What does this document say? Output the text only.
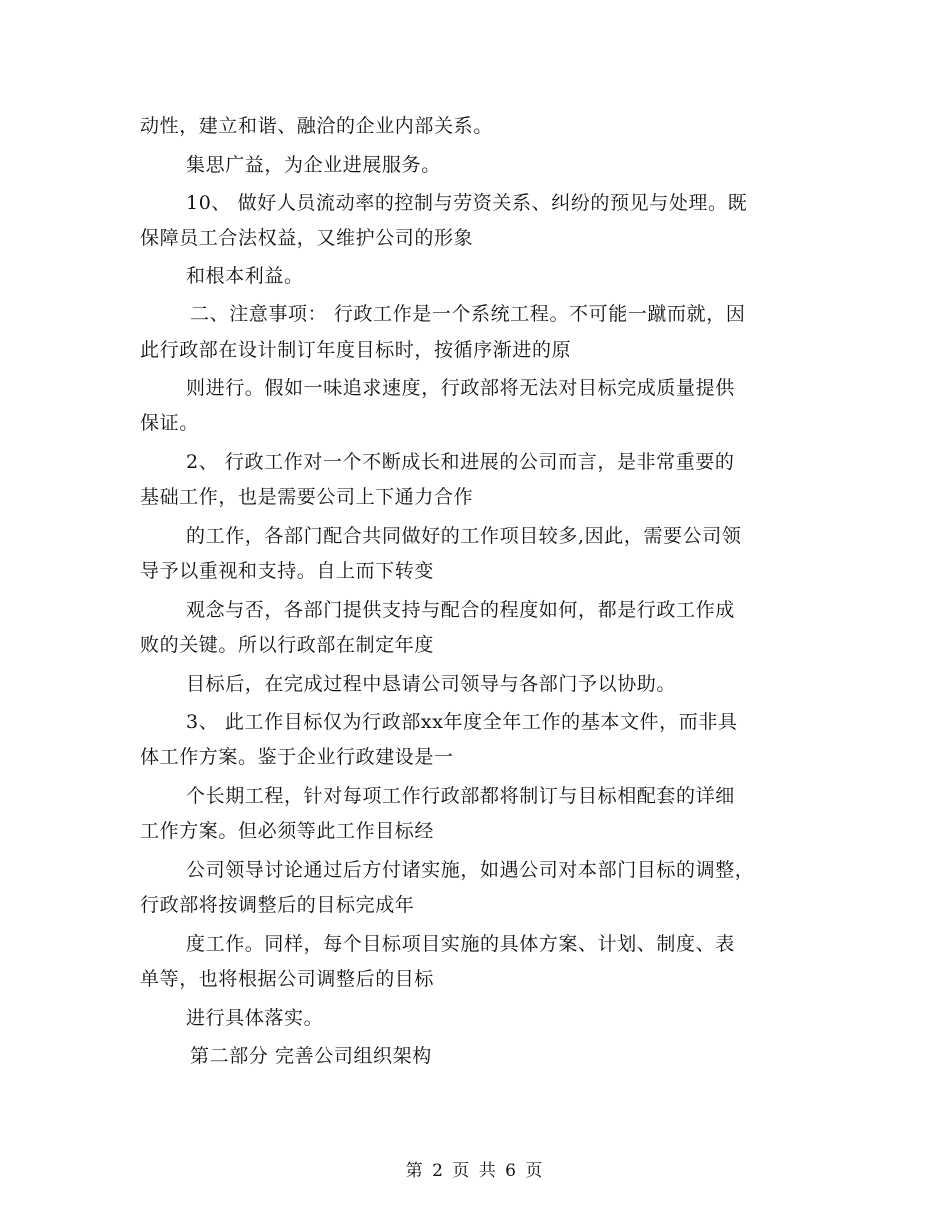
动性，建立和谐、融洽的企业内部关系。
集思广益，为企业进展服务。
10、 做好人员流动率的控制与劳资关系、纠纷的预见与处理。既
保障员工合法权益，又维护公司的形象
和根本利益。
二、注意事项： 行政工作是一个系统工程。不可能一蹴而就，因
此行政部在设计制订年度目标时，按循序渐进的原
则进行。假如一味追求速度，行政部将无法对目标完成质量提供
保证。
2、 行政工作对一个不断成长和进展的公司而言，是非常重要的
基础工作，也是需要公司上下通力合作
的工作，各部门配合共同做好的工作项目较多,因此，需要公司领
导予以重视和支持。自上而下转变
观念与否，各部门提供支持与配合的程度如何，都是行政工作成
败的关键。所以行政部在制定年度
目标后，在完成过程中恳请公司领导与各部门予以协助。
3、 此工作目标仅为行政部xx年度全年工作的基本文件，而非具
体工作方案。鉴于企业行政建设是一
个长期工程，针对每项工作行政部都将制订与目标相配套的详细
工作方案。但必须等此工作目标经
公司领导讨论通过后方付诸实施，如遇公司对本部门目标的调整，
行政部将按调整后的目标完成年
度工作。同样，每个目标项目实施的具体方案、计划、制度、表
单等，也将根据公司调整后的目标
进行具体落实。
第二部分 完善公司组织架构
第 2 页 共 6 页
